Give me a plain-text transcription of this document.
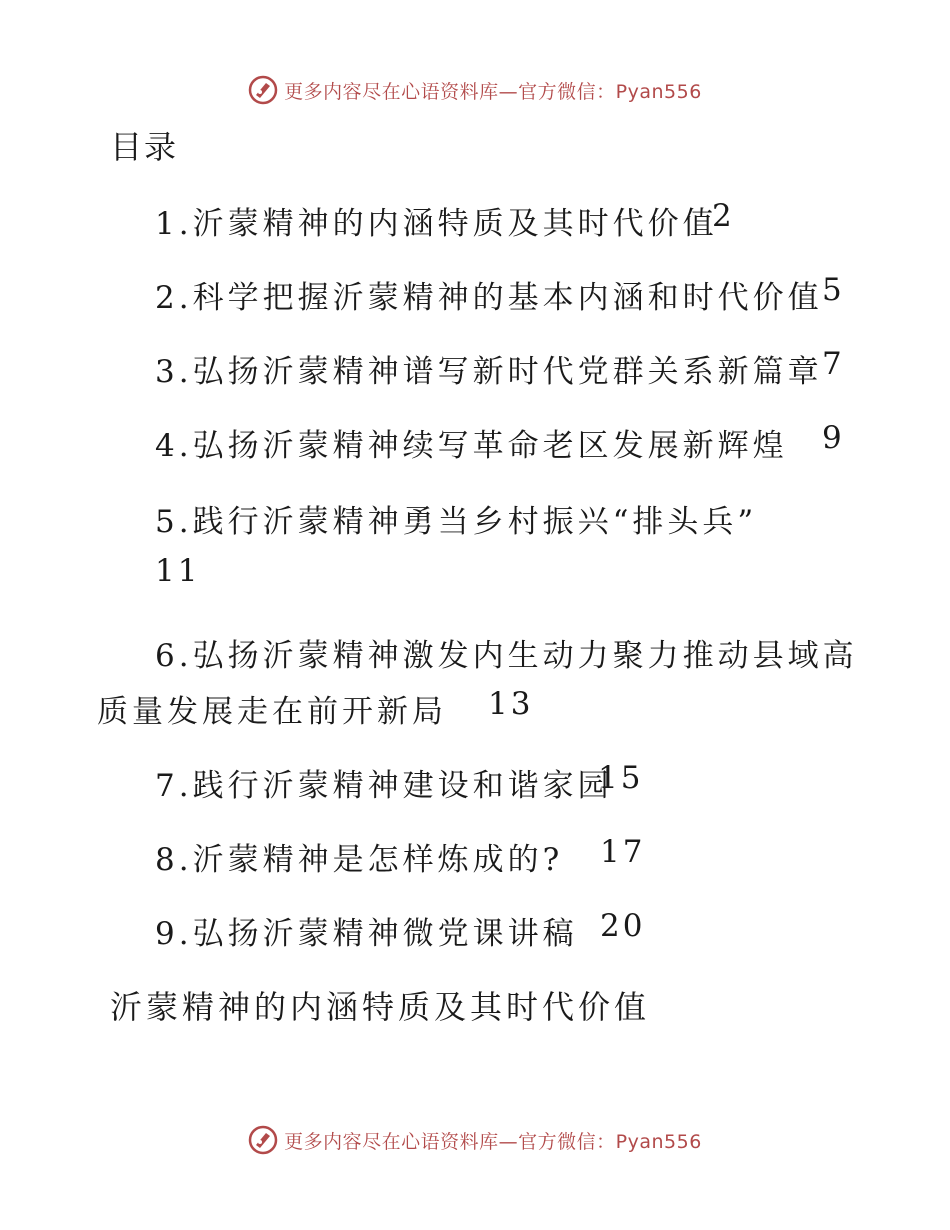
更多内容尽在心语资料库—官方微信：Pyan556
目录
1.沂蒙精神的内涵特质及其时代价值
2
2.科学把握沂蒙精神的基本内涵和时代价值 5
3.弘扬沂蒙精神谱写新时代党群关系新篇章 7
4.弘扬沂蒙精神续写革命老区发展新辉煌 9
5.践行沂蒙精神勇当乡村振兴“排头兵”
11
6.弘扬沂蒙精神激发内生动力聚力推动县域高
质量发展走在前开新局 13
7.践行沂蒙精神建设和谐家园
15
8.沂蒙精神是怎样炼成的? 17
9.弘扬沂蒙精神微党课讲稿 20
沂蒙精神的内涵特质及其时代价值
更多内容尽在心语资料库—官方微信：Pyan556
